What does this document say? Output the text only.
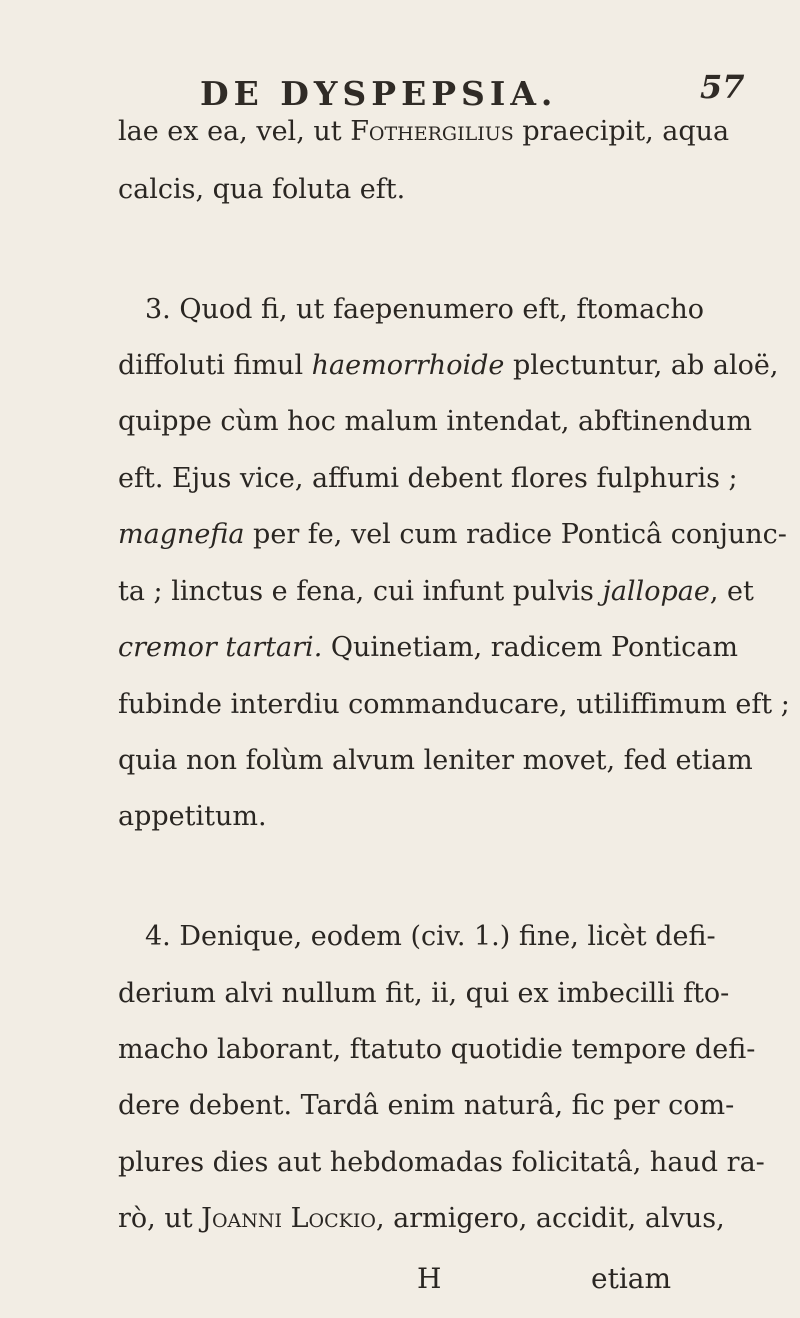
DE DYSPEPSIA.	57
lae ex ea, vel, ut Fothergilius praecipit, aqua
calcis, qua foluta eft.
3. Quod fi, ut faepenumero eft, ftomacho
diffoluti fimul haemorrhoide plectuntur, ab aloë,
quippe cùm hoc malum intendat, abftinendum
eft. Ejus vice, affumi debent flores fulphuris ;
magnefia per fe, vel cum radice Ponticâ conjunc-
ta ; linctus e fena, cui infunt pulvis jallopae, et
cremor tartari. Quinetiam, radicem Ponticam
fubinde interdiu commanducare, utiliffimum eft ;
quia non folùm alvum leniter movet, fed etiam
appetitum.
4. Denique, eodem (civ. 1.) fine, licèt defi-
derium alvi nullum fit, ii, qui ex imbecilli fto-
macho laborant, ftatuto quotidie tempore defi-
dere debent. Tardâ enim naturâ, fic per com-
plures dies aut hebdomadas folicitatâ, haud ra-
rò, ut Joanni Lockio, armigero, accidit, alvus,
H	etiam
